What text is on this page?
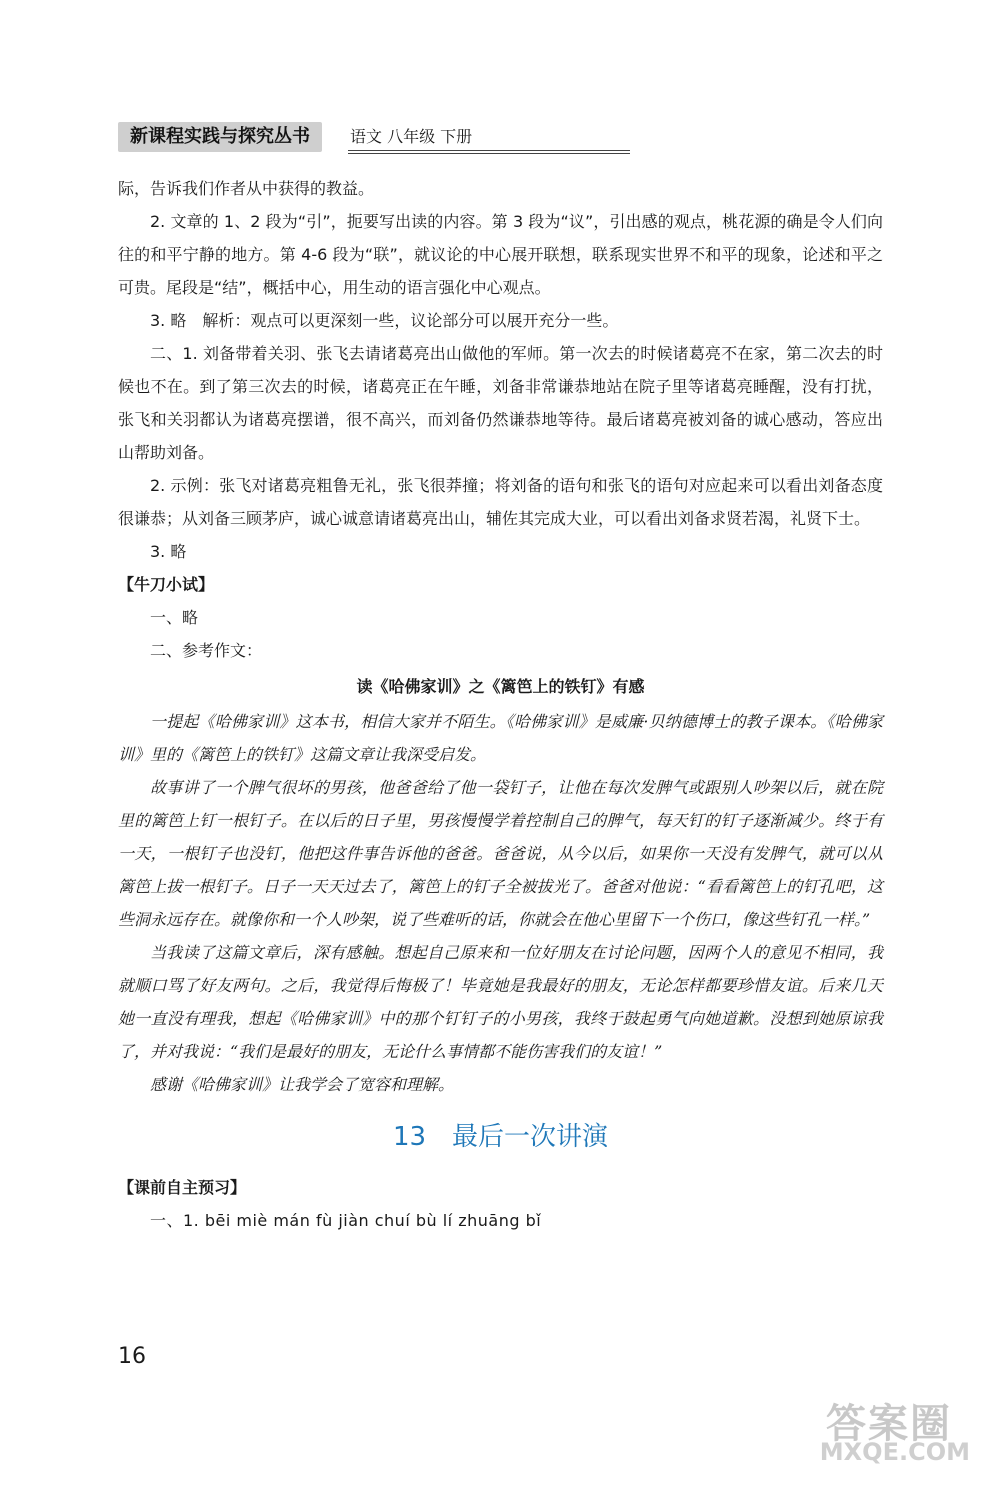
新课程实践与探究丛书	语文 八年级 下册

际，告诉我们作者从中获得的教益。

2. 文章的 1、2 段为“引”，扼要写出读的内容。第 3 段为“议”，引出感的观点，桃花源的确是令人们向往的和平宁静的地方。第 4-6 段为“联”，就议论的中心展开联想，联系现实世界不和平的现象，论述和平之可贵。尾段是“结”，概括中心，用生动的语言强化中心观点。

3. 略　解析：观点可以更深刻一些，议论部分可以展开充分一些。

二、1. 刘备带着关羽、张飞去请诸葛亮出山做他的军师。第一次去的时候诸葛亮不在家，第二次去的时候也不在。到了第三次去的时候，诸葛亮正在午睡，刘备非常谦恭地站在院子里等诸葛亮睡醒，没有打扰，张飞和关羽都认为诸葛亮摆谱，很不高兴，而刘备仍然谦恭地等待。最后诸葛亮被刘备的诚心感动，答应出山帮助刘备。

2. 示例：张飞对诸葛亮粗鲁无礼，张飞很莽撞；将刘备的语句和张飞的语句对应起来可以看出刘备态度很谦恭；从刘备三顾茅庐，诚心诚意请诸葛亮出山，辅佐其完成大业，可以看出刘备求贤若渴，礼贤下士。

3. 略

【牛刀小试】

一、略

二、参考作文：

读《哈佛家训》之《篱笆上的铁钉》有感

一提起《哈佛家训》这本书，相信大家并不陌生。《哈佛家训》是威廉·贝纳德博士的教子课本。《哈佛家训》里的《篱笆上的铁钉》这篇文章让我深受启发。

故事讲了一个脾气很坏的男孩，他爸爸给了他一袋钉子，让他在每次发脾气或跟别人吵架以后，就在院里的篱笆上钉一根钉子。在以后的日子里，男孩慢慢学着控制自己的脾气，每天钉的钉子逐渐减少。终于有一天，一根钉子也没钉，他把这件事告诉他的爸爸。爸爸说，从今以后，如果你一天没有发脾气，就可以从篱笆上拔一根钉子。日子一天天过去了，篱笆上的钉子全被拔光了。爸爸对他说：“看看篱笆上的钉孔吧，这些洞永远存在。就像你和一个人吵架，说了些难听的话，你就会在他心里留下一个伤口，像这些钉孔一样。”

当我读了这篇文章后，深有感触。想起自己原来和一位好朋友在讨论问题，因两个人的意见不相同，我就顺口骂了好友两句。之后，我觉得后悔极了！毕竟她是我最好的朋友，无论怎样都要珍惜友谊。后来几天她一直没有理我，想起《哈佛家训》中的那个钉钉子的小男孩，我终于鼓起勇气向她道歉。没想到她原谅我了，并对我说：“我们是最好的朋友，无论什么事情都不能伤害我们的友谊！”

感谢《哈佛家训》让我学会了宽容和理解。

13 最后一次讲演

【课前自主预习】

一、1. bēi miè mán fù jiàn chuí bù lí zhuāng bǐ

16
答案圈
MXQE.COM
